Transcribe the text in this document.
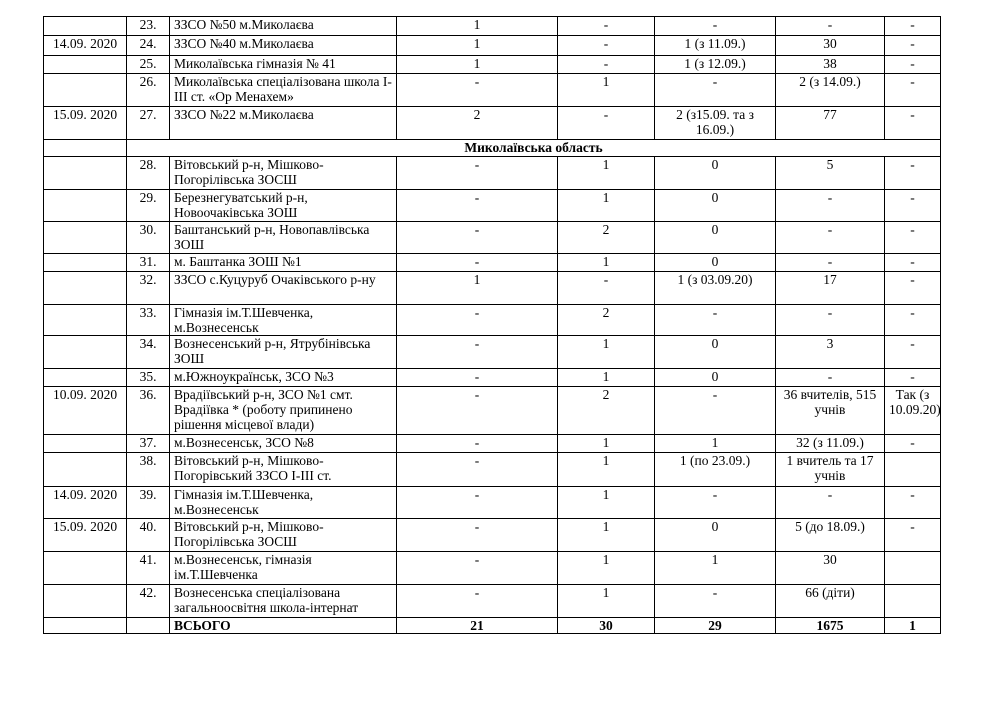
	23.	ЗЗСО №50 м.Миколаєва	1	-	-	-	-
14.09. 2020	24.	ЗЗСО №40 м.Миколаєва	1	-	1 (з 11.09.)	30	-
	25.	Миколаївська гімназія № 41	1	-	1 (з 12.09.)	38	-
	26.	Миколаївська спеціалізована школа І-ІІІ ст. «Ор Менахем»	-	1	-	2 (з 14.09.)	-
15.09. 2020	27.	ЗЗСО №22 м.Миколаєва	2	-	2 (з15.09. та з 16.09.)	77	-
	Миколаївська область						
	28.	Вітовський р-н, Мішково-Погорілівська ЗОСШ	-	1	0	5	-
	29.	Березнегуватський р-н, Новоочаківська ЗОШ	-	1	0	-	-
	30.	Баштанський р-н, Новопавлівська ЗОШ	-	2	0	-	-
	31.	м. Баштанка ЗОШ №1	-	1	0	-	-
	32.	ЗЗСО с.Куцуруб Очаківського р-ну	1	-	1 (з 03.09.20)	17	-
	33.	Гімназія ім.Т.Шевченка, м.Вознесенськ	-	2	-	-	-
	34.	Вознесенський р-н, Ятрубінівська ЗОШ	-	1	0	3	-
	35.	м.Южноукраїнськ, ЗСО №3	-	1	0	-	-
10.09. 2020	36.	Врадіївський р-н, ЗСО №1 смт. Врадіївка * (роботу припинено рішення місцевої влади)	-	2	-	36 вчителів, 515 учнів	Так (з 10.09.20)
	37.	м.Вознесенськ, ЗСО №8	-	1	1	32 (з 11.09.)	-
	38.	Вітовський р-н, Мішково-Погорівський ЗЗСО І-ІІІ ст.	-	1	1 (по 23.09.)	1 вчитель та 17 учнів	
14.09. 2020	39.	Гімназія ім.Т.Шевченка, м.Вознесенськ	-	1	-	-	-
15.09. 2020	40.	Вітовський р-н, Мішково-Погорілівська ЗОСШ	-	1	0	5 (до 18.09.)	-
	41.	м.Вознесенськ, гімназія ім.Т.Шевченка	-	1	1	30	
	42.	Вознесенська спеціалізована загальноосвітня школа-інтернат	-	1	-	66 (діти)	
		ВСЬОГО	21	30	29	1675	1
